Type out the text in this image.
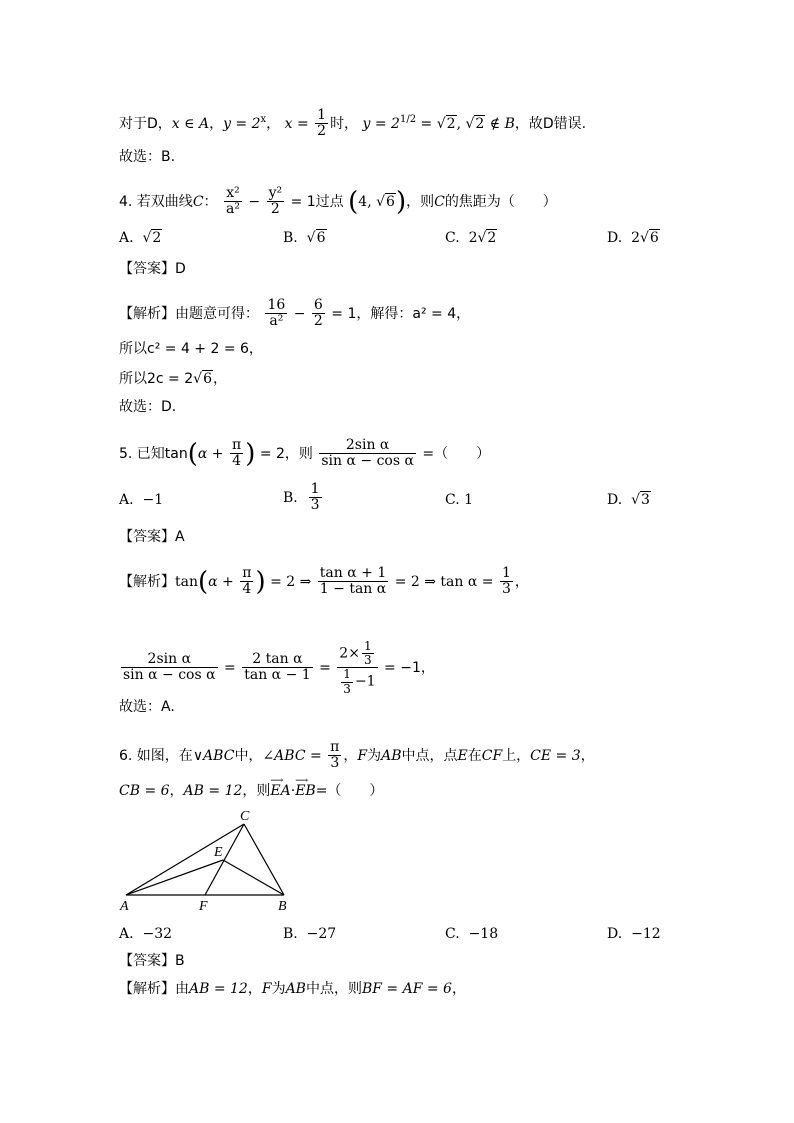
对于D，x ∈ A，$y = 2^x$， $x = \frac{1}{2}$ 时， $y = 2^{1/2} = √2$, √2 ∉ B，故D错误.
故选：B.
4. 若双曲线C： $\frac{\text{x²}}{\text{a²}} - \frac{\text{y²}}{2} = 1$过点 (4, √6)，则C的焦距为（　　）
A. √2	B. √6	C. 2√2	D. 2√6
【答案】D
【解析】由题意可得： $\frac{16}{\text{a²}} - \frac{6}{2} = 1$，解得：a² = 4，
所以c² = 4 + 2 = 6，
所以2c = 2√6，
故选：D.
5. 已知$\tan(\alpha + \frac{\pi}{4}$ ) = 2，则 $\frac{\text{2sin α}}{\text{sin α − cos α}}$ =（　　）
A. −1	B. $\frac{1}{3}$	C. 1	D. √3
【答案】A
【解析】$\tan(\alpha + \frac{\pi}{4}$ ) = 2 ⇒ $\frac{\text{tan α + 1}}{\text{1 − tan α}} = 2$ ⇒ $\tan \alpha = \frac{1}{3}$ ，
$\frac{\text{2sin α}}{\text{sin α − cos α}} = \frac{\text{2 tan α}}{\text{tan α − 1}} = \frac{2\times \frac{1}{3}}{\frac{1}{3} -1} = -1$，
故选：A.
6. 如图，在∨ABC中，∠ABC = $\frac{\pi}{3}$ ，F为AB中点，点E在CF上，CE = 3，
CB = 6，AB = 12，则⟶ EA·⟶ EB=（　　）
C
E
A	F	B
A. −32	B. −27	C. −18	D. −12
【答案】B
【解析】由AB = 12，F为AB中点，则BF = AF = 6，
